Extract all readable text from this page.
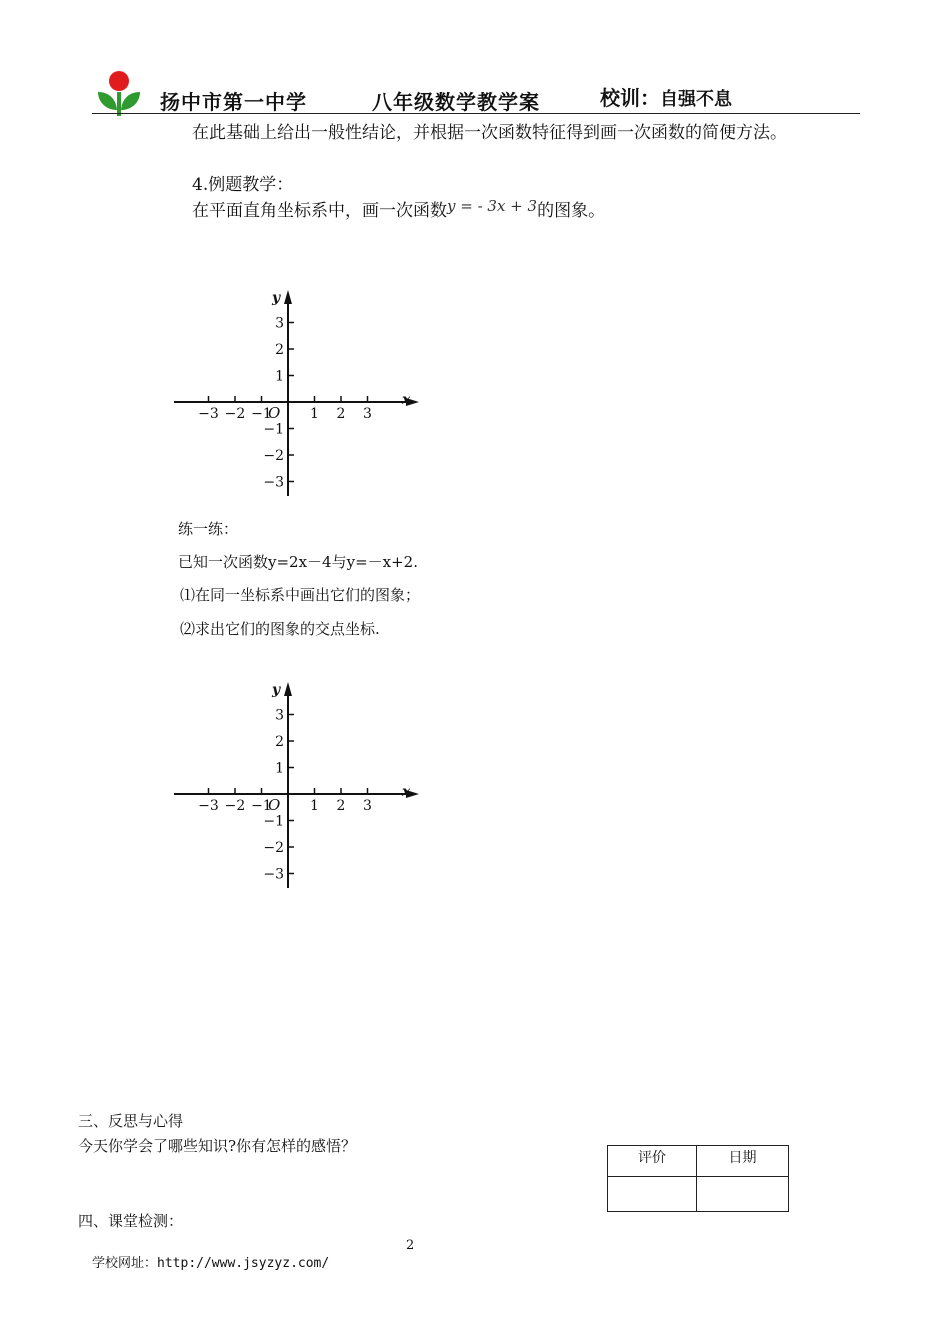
扬中市第一中学	八年级数学教学案	校训：自强不息
在此基础上给出一般性结论，并根据一次函数特征得到画一次函数的简便方法。
4.例题教学：
在平面直角坐标系中，画一次函数y = - 3x + 3的图象。
−3 −2 −1	1 2 3
3
2
1
−1
−2
−3
O
y
x
练一练：
已知一次函数y=2x－4与y=－x+2.
⑴在同一坐标系中画出它们的图象；
⑵求出它们的图象的交点坐标.
−3 −2 −1	1 2 3
3
2
1
−1
−2
−3
O
y
x
三、反思与心得
今天你学会了哪些知识?你有怎样的感悟？
评价	日期

四、课堂检测：
2
学校网址：http://www.jsyzyz.com/
